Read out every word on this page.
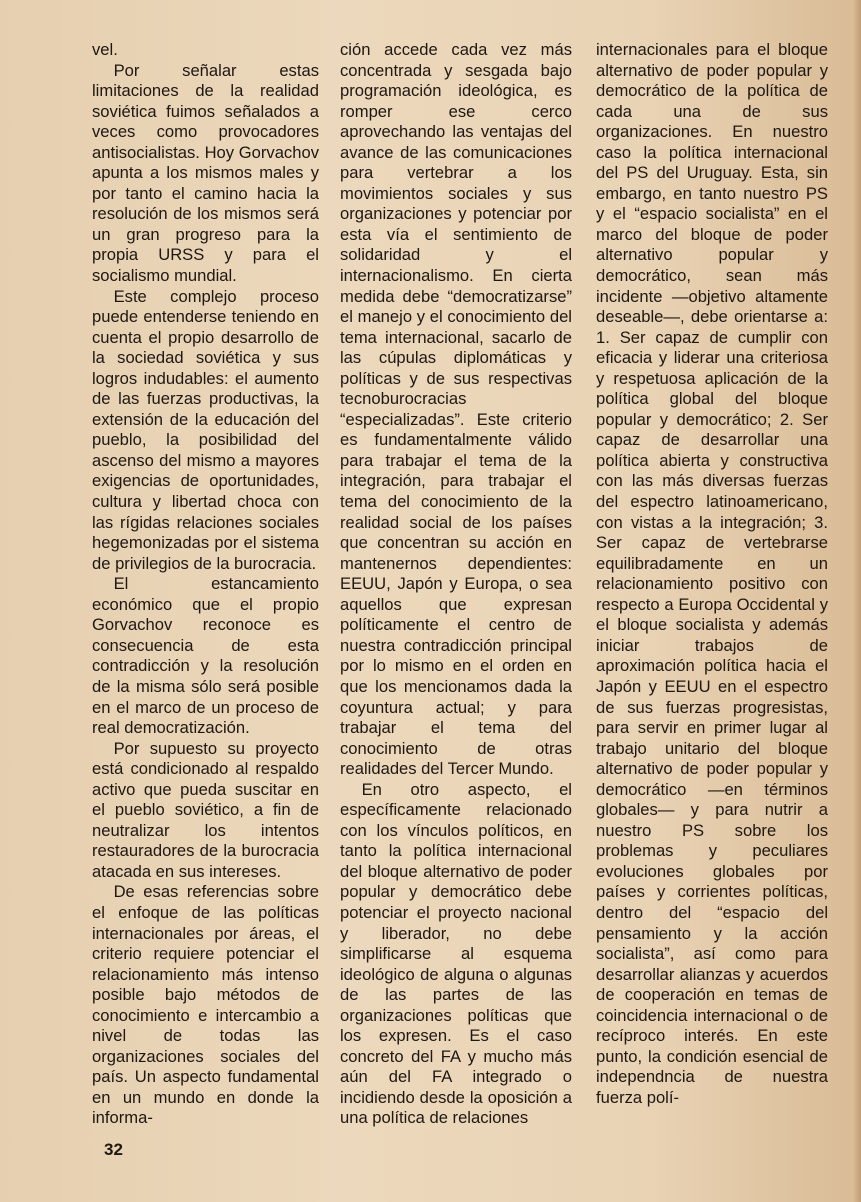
vel.

Por señalar estas limitaciones de la realidad soviética fuimos señalados a veces como provocadores antisocialistas. Hoy Gorvachov apunta a los mismos males y por tanto el camino hacia la resolución de los mismos será un gran progreso para la propia URSS y para el socialismo mundial.

Este complejo proceso puede entenderse teniendo en cuenta el propio desarrollo de la sociedad soviética y sus logros indudables: el aumento de las fuerzas productivas, la extensión de la educación del pueblo, la posibilidad del ascenso del mismo a mayores exigencias de oportunidades, cultura y libertad choca con las rígidas relaciones sociales hegemonizadas por el sistema de privilegios de la burocracia.

El estancamiento económico que el propio Gorvachov reconoce es consecuencia de esta contradicción y la resolución de la misma sólo será posible en el marco de un proceso de real democratización.

Por supuesto su proyecto está condicionado al respaldo activo que pueda suscitar en el pueblo soviético, a fin de neutralizar los intentos restauradores de la burocracia atacada en sus intereses.

De esas referencias sobre el enfoque de las políticas internacionales por áreas, el criterio requiere potenciar el relacionamiento más intenso posible bajo métodos de conocimiento e intercambio a nivel de todas las organizaciones sociales del país. Un aspecto fundamental en un mundo en donde la informa-

ción accede cada vez más concentrada y sesgada bajo programación ideológica, es romper ese cerco aprovechando las ventajas del avance de las comunicaciones para vertebrar a los movimientos sociales y sus organizaciones y potenciar por esta vía el sentimiento de solidaridad y el internacionalismo. En cierta medida debe “democratizarse” el manejo y el conocimiento del tema internacional, sacarlo de las cúpulas diplomáticas y políticas y de sus respectivas tecnoburocracias “especializadas”. Este criterio es fundamentalmente válido para trabajar el tema de la integración, para trabajar el tema del conocimiento de la realidad social de los países que concentran su acción en mantenernos dependientes: EEUU, Japón y Europa, o sea aquellos que expresan políticamente el centro de nuestra contradicción principal por lo mismo en el orden en que los mencionamos dada la coyuntura actual; y para trabajar el tema del conocimiento de otras realidades del Tercer Mundo.

En otro aspecto, el específicamente relacionado con los vínculos políticos, en tanto la política internacional del bloque alternativo de poder popular y democrático debe potenciar el proyecto nacional y liberador, no debe simplificarse al esquema ideológico de alguna o algunas de las partes de las organizaciones políticas que los expresen. Es el caso concreto del FA y mucho más aún del FA integrado o incidiendo desde la oposición a una política de relaciones

internacionales para el bloque alternativo de poder popular y democrático de la política de cada una de sus organizaciones. En nuestro caso la política internacional del PS del Uruguay. Esta, sin embargo, en tanto nuestro PS y el “espacio socialista” en el marco del bloque de poder alternativo popular y democrático, sean más incidente —objetivo altamente deseable—, debe orientarse a: 1. Ser capaz de cumplir con eficacia y liderar una criteriosa y respetuosa aplicación de la política global del bloque popular y democrático; 2. Ser capaz de desarrollar una política abierta y constructiva con las más diversas fuerzas del espectro latinoamericano, con vistas a la integración; 3. Ser capaz de vertebrarse equilibradamente en un relacionamiento positivo con respecto a Europa Occidental y el bloque socialista y además iniciar trabajos de aproximación política hacia el Japón y EEUU en el espectro de sus fuerzas progresistas, para servir en primer lugar al trabajo unitario del bloque alternativo de poder popular y democrático —en términos globales— y para nutrir a nuestro PS sobre los problemas y peculiares evoluciones globales por países y corrientes políticas, dentro del “espacio del pensamiento y la acción socialista”, así como para desarrollar alianzas y acuerdos de cooperación en temas de coincidencia internacional o de recíproco interés. En este punto, la condición esencial de independncia de nuestra fuerza polí-

32
